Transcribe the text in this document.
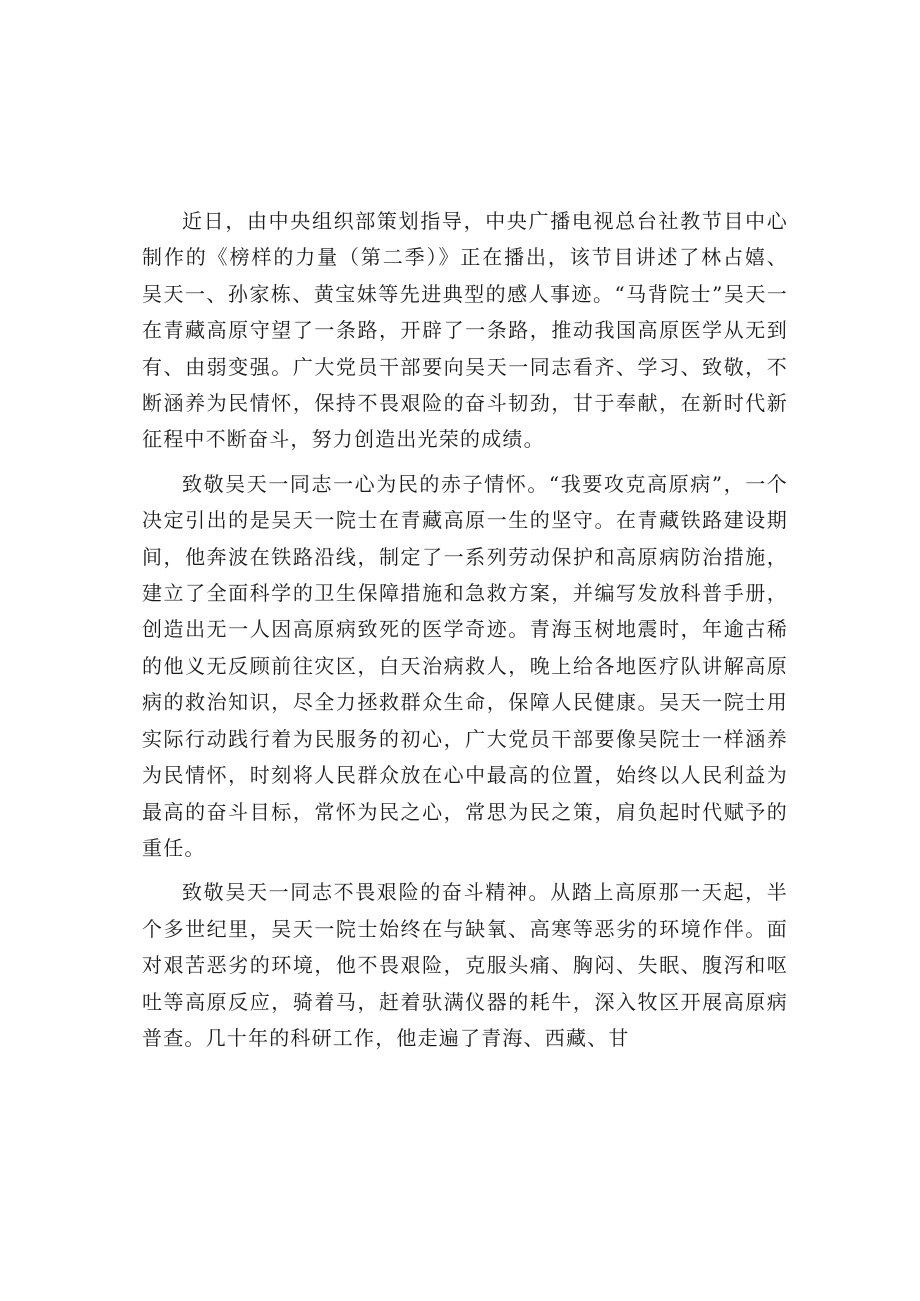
近日，由中央组织部策划指导，中央广播电视总台社教节目中心制作的《榜样的力量（第二季）》正在播出，该节目讲述了林占嬉、吴天一、孙家栋、黄宝妹等先进典型的感人事迹。“马背院士”吴天一在青藏高原守望了一条路，开辟了一条路，推动我国高原医学从无到有、由弱变强。广大党员干部要向吴天一同志看齐、学习、致敬，不断涵养为民情怀，保持不畏艰险的奋斗韧劲，甘于奉献，在新时代新征程中不断奋斗，努力创造出光荣的成绩。

致敬吴天一同志一心为民的赤子情怀。“我要攻克高原病”，一个决定引出的是吴天一院士在青藏高原一生的坚守。在青藏铁路建设期间，他奔波在铁路沿线，制定了一系列劳动保护和高原病防治措施，建立了全面科学的卫生保障措施和急救方案，并编写发放科普手册，创造出无一人因高原病致死的医学奇迹。青海玉树地震时，年逾古稀的他义无反顾前往灾区，白天治病救人，晚上给各地医疗队讲解高原病的救治知识，尽全力拯救群众生命，保障人民健康。吴天一院士用实际行动践行着为民服务的初心，广大党员干部要像吴院士一样涵养为民情怀，时刻将人民群众放在心中最高的位置，始终以人民利益为最高的奋斗目标，常怀为民之心，常思为民之策，肩负起时代赋予的重任。

致敬吴天一同志不畏艰险的奋斗精神。从踏上高原那一天起，半个多世纪里，吴天一院士始终在与缺氧、高寒等恶劣的环境作伴。面对艰苦恶劣的环境，他不畏艰险，克服头痛、胸闷、失眠、腹泻和呕吐等高原反应，骑着马，赶着驮满仪器的耗牛，深入牧区开展高原病普查。几十年的科研工作，他走遍了青海、西藏、甘
